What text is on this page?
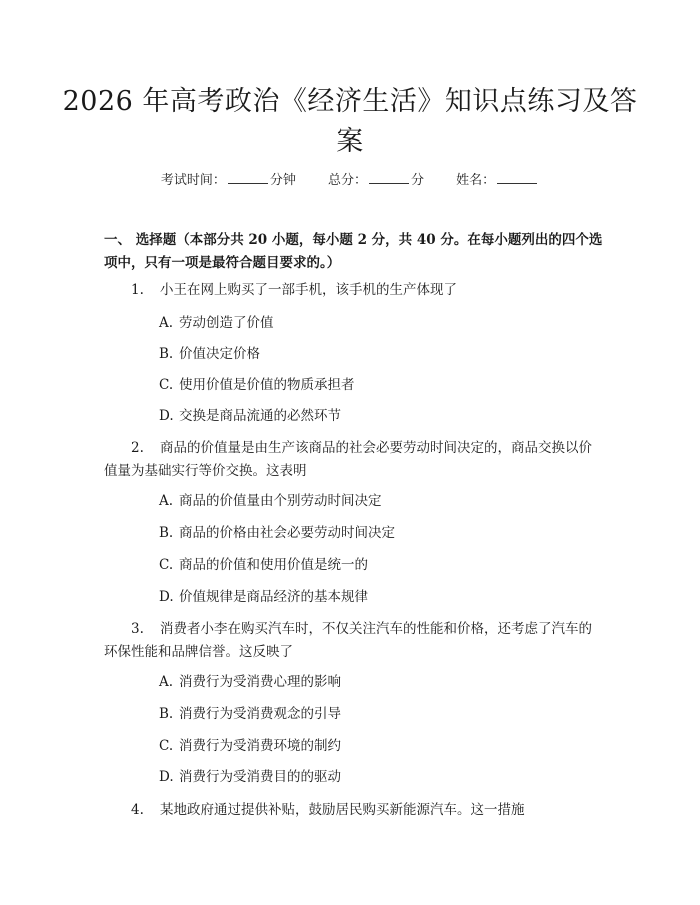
2026 年高考政治《经济生活》知识点练习及答案
考试时间：	分钟 总分：	分 姓名：

一、 选择题（本部分共 20 小题，每小题 2 分，共 40 分。在每小题列出的四个选项中，只有一项是最符合题目要求的。）

1. 小王在网上购买了一部手机，该手机的生产体现了

A. 劳动创造了价值
B. 价值决定价格
C. 使用价值是价值的物质承担者
D. 交换是商品流通的必然环节

2. 商品的价值量是由生产该商品的社会必要劳动时间决定的，商品交换以价值量为基础实行等价交换。这表明

A. 商品的价值量由个别劳动时间决定
B. 商品的价格由社会必要劳动时间决定
C. 商品的价值和使用价值是统一的
D. 价值规律是商品经济的基本规律

3. 消费者小李在购买汽车时，不仅关注汽车的性能和价格，还考虑了汽车的环保性能和品牌信誉。这反映了

A. 消费行为受消费心理的影响
B. 消费行为受消费观念的引导
C. 消费行为受消费环境的制约
D. 消费行为受消费目的的驱动

4. 某地政府通过提供补贴，鼓励居民购买新能源汽车。这一措施
